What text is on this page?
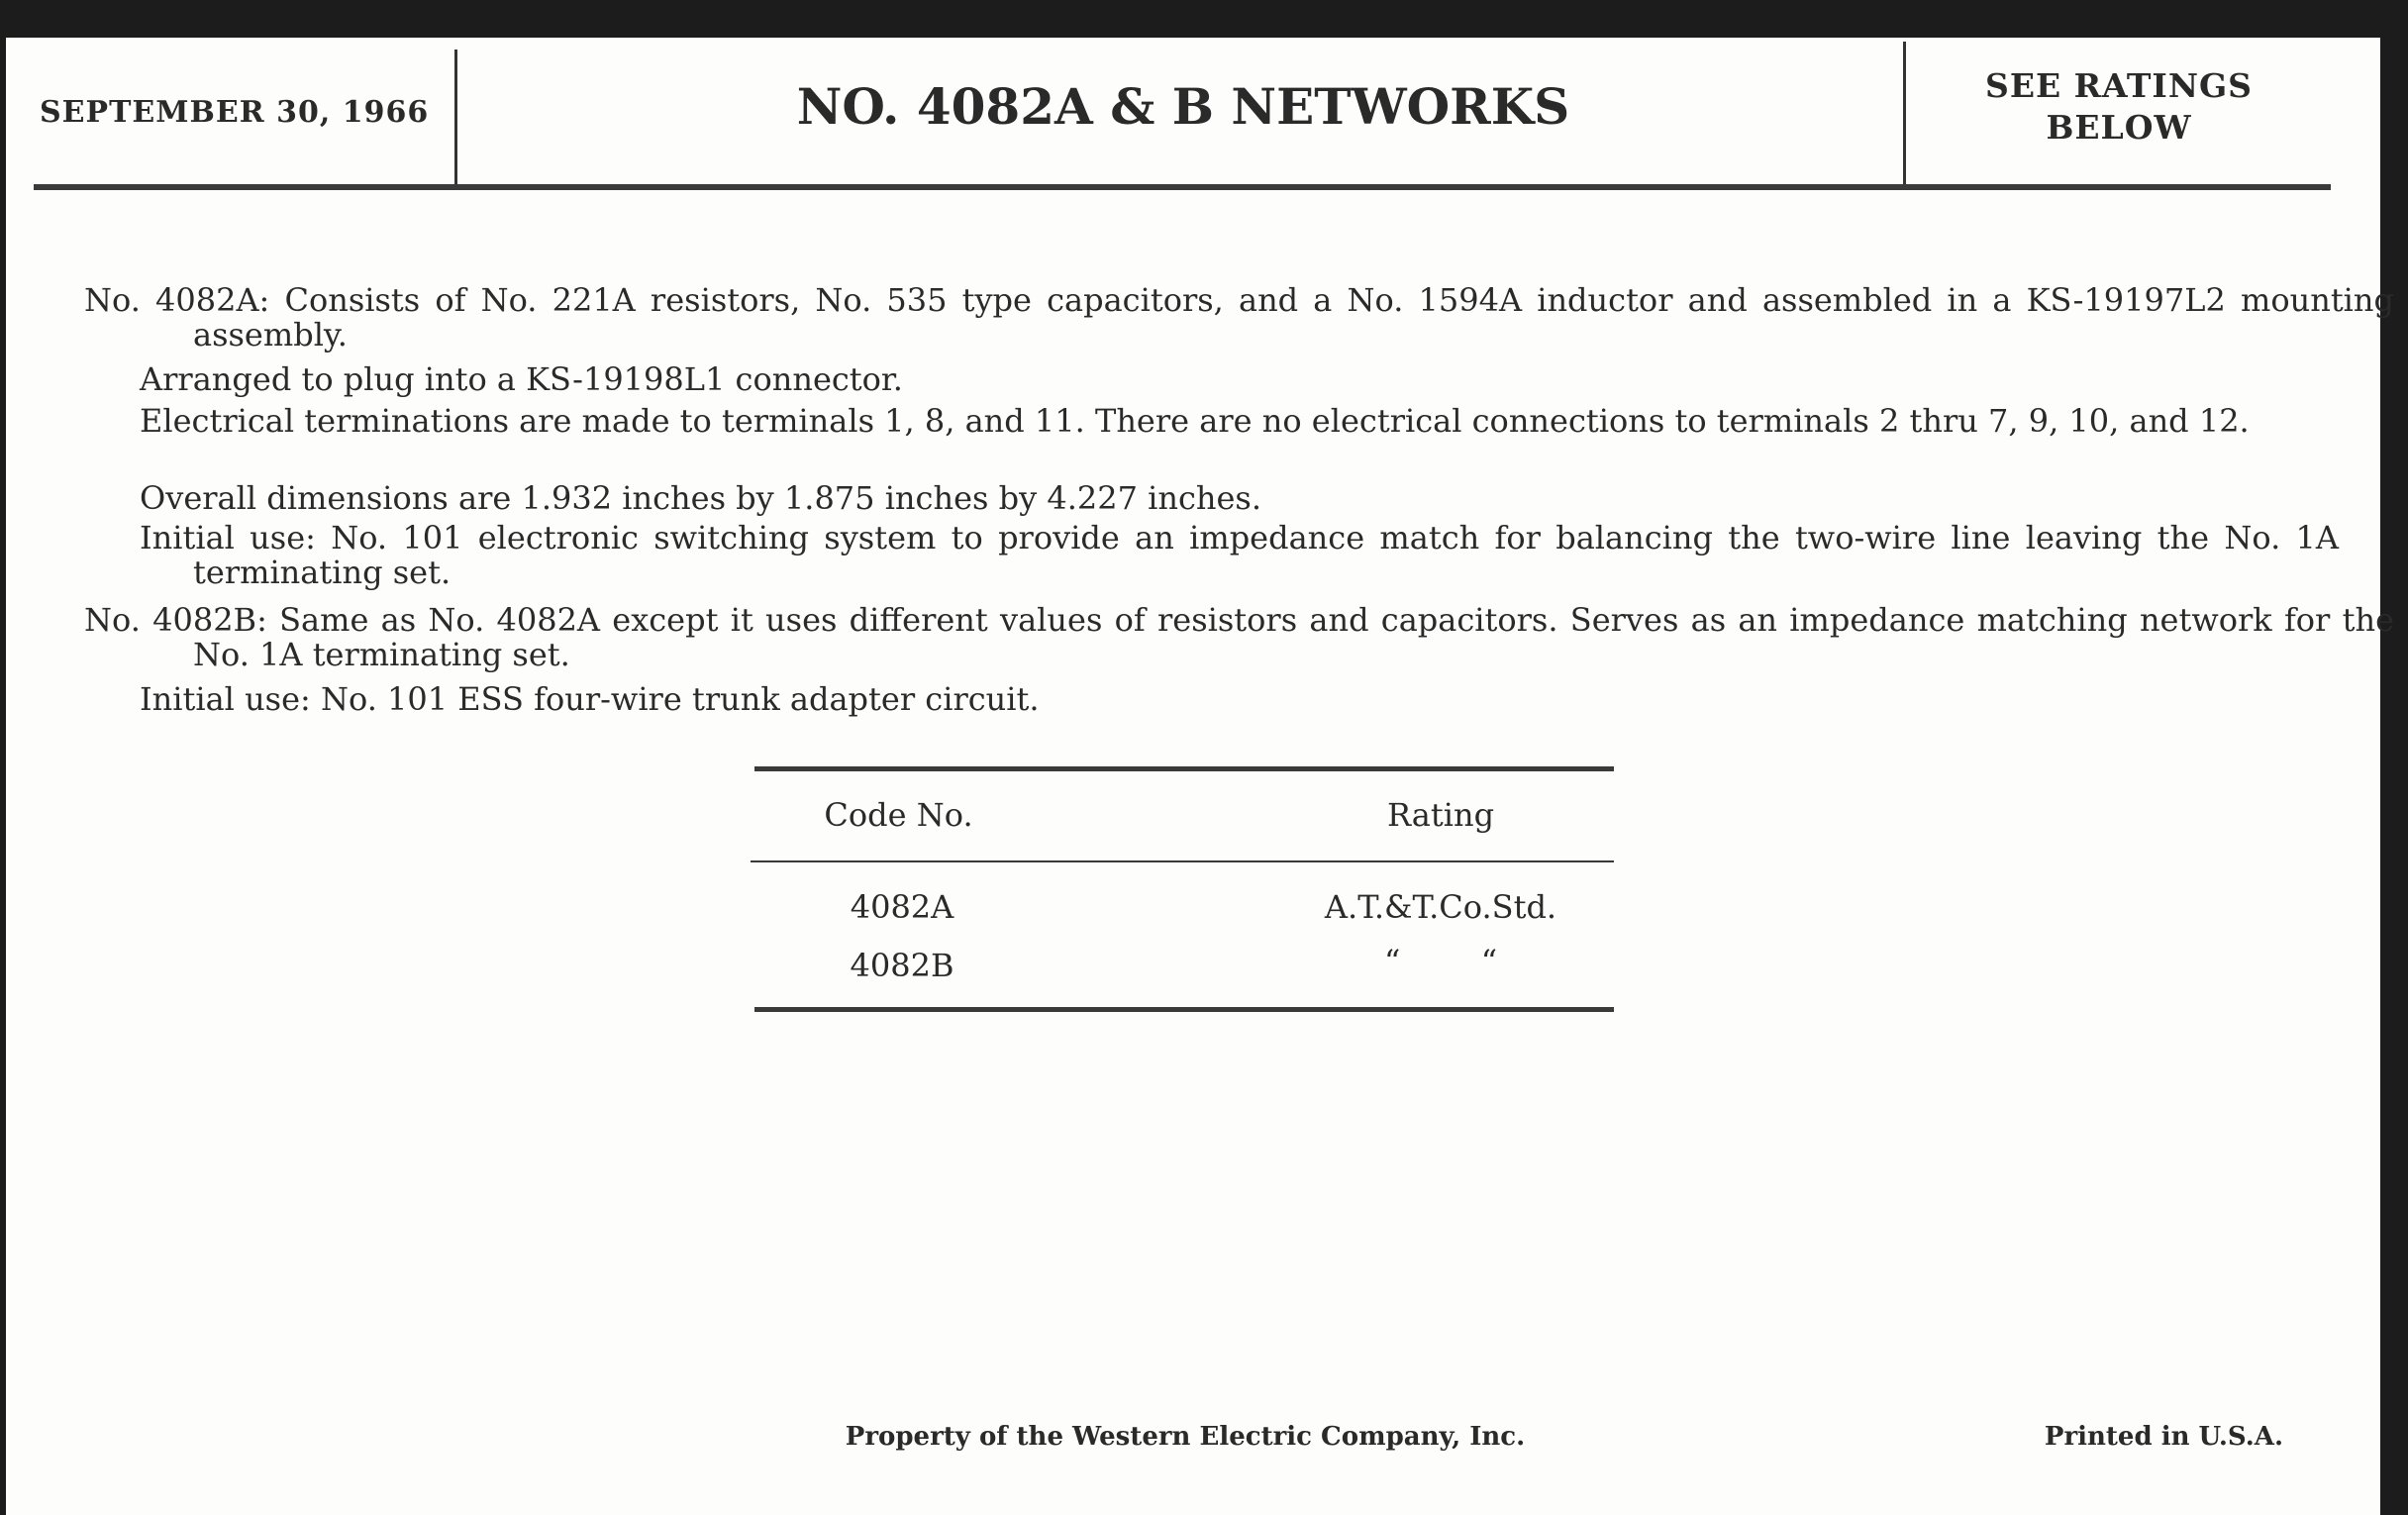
SEPTEMBER 30, 1966	NO. 4082A & B NETWORKS	SEE RATINGS
BELOW
No. 4082A: Consists of No. 221A resistors, No. 535 type capacitors, and a No. 1594A inductor and assembled in a KS-19197L2 mounting assembly.
Arranged to plug into a KS-19198L1 connector.
Electrical terminations are made to terminals 1, 8, and 11. There are no electrical connections to terminals 2 thru 7, 9, 10, and 12.
Overall dimensions are 1.932 inches by 1.875 inches by 4.227 inches.
Initial use: No. 101 electronic switching system to provide an impedance match for balancing the two-wire line leaving the No. 1A terminating set.
No. 4082B: Same as No. 4082A except it uses different values of resistors and capacitors. Serves as an impedance matching network for the No. 1A terminating set.
Initial use: No. 101 ESS four-wire trunk adapter circuit.
Code No.	Rating
4082A	A.T.&T.Co.Std.
4082B	“        “
Property of the Western Electric Company, Inc.	Printed in U.S.A.
